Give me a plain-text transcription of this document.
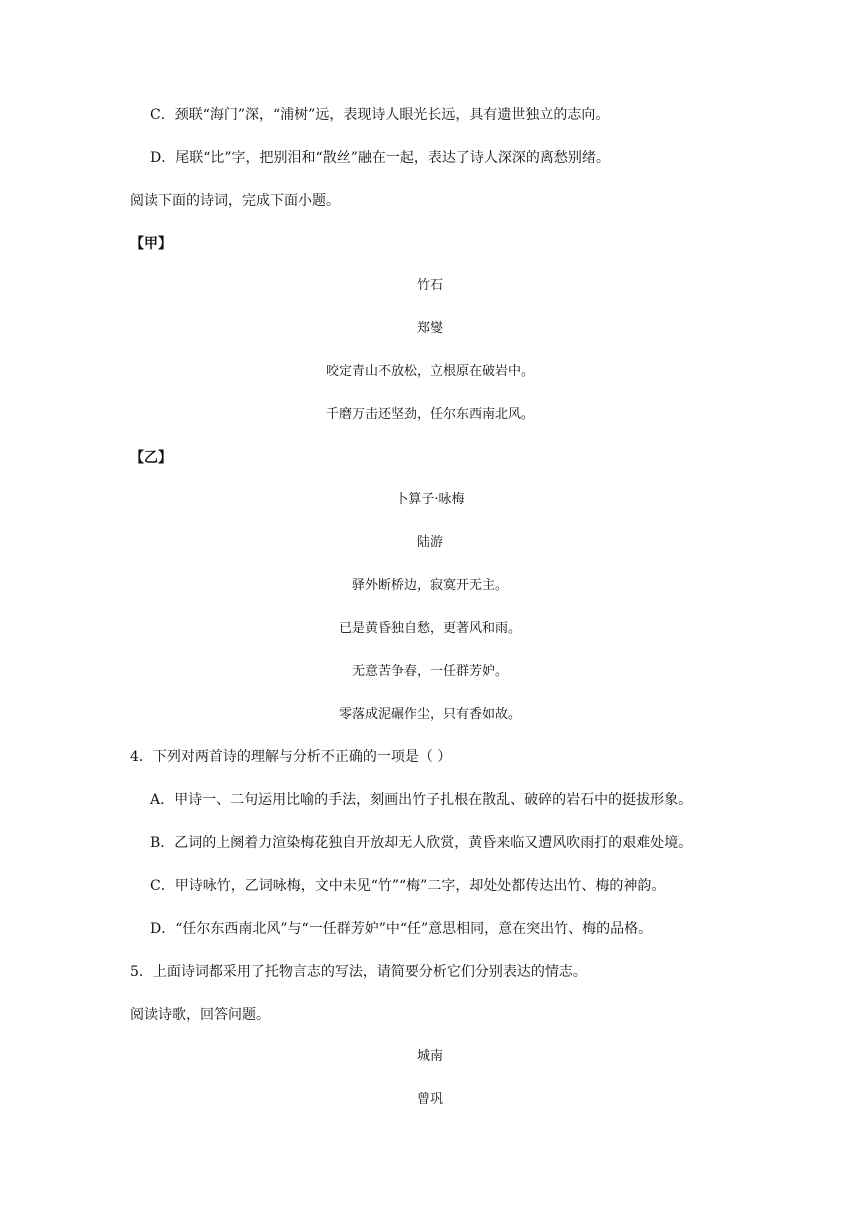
C．颈联“海门”深，“浦树”远，表现诗人眼光长远，具有遗世独立的志向。
D．尾联“比”字，把别泪和“散丝”融在一起，表达了诗人深深的离愁别绪。
阅读下面的诗词，完成下面小题。
【甲】
竹石
郑燮
咬定青山不放松，立根原在破岩中。
千磨万击还坚劲，任尔东西南北风。
【乙】
卜算子·咏梅
陆游
驿外断桥边，寂寞开无主。
已是黄昏独自愁，更著风和雨。
无意苦争春，一任群芳妒。
零落成泥碾作尘，只有香如故。
4．下列对两首诗的理解与分析不正确的一项是（ ）
A．甲诗一、二句运用比喻的手法，刻画出竹子扎根在散乱、破碎的岩石中的挺拔形象。
B．乙词的上阕着力渲染梅花独自开放却无人欣赏，黄昏来临又遭风吹雨打的艰难处境。
C．甲诗咏竹，乙词咏梅，文中未见“竹”“梅”二字，却处处都传达出竹、梅的神韵。
D．“任尔东西南北风”与“一任群芳妒”中“任”意思相同，意在突出竹、梅的品格。
5．上面诗词都采用了托物言志的写法，请简要分析它们分别表达的情志。
阅读诗歌，回答问题。
城南
曾巩
